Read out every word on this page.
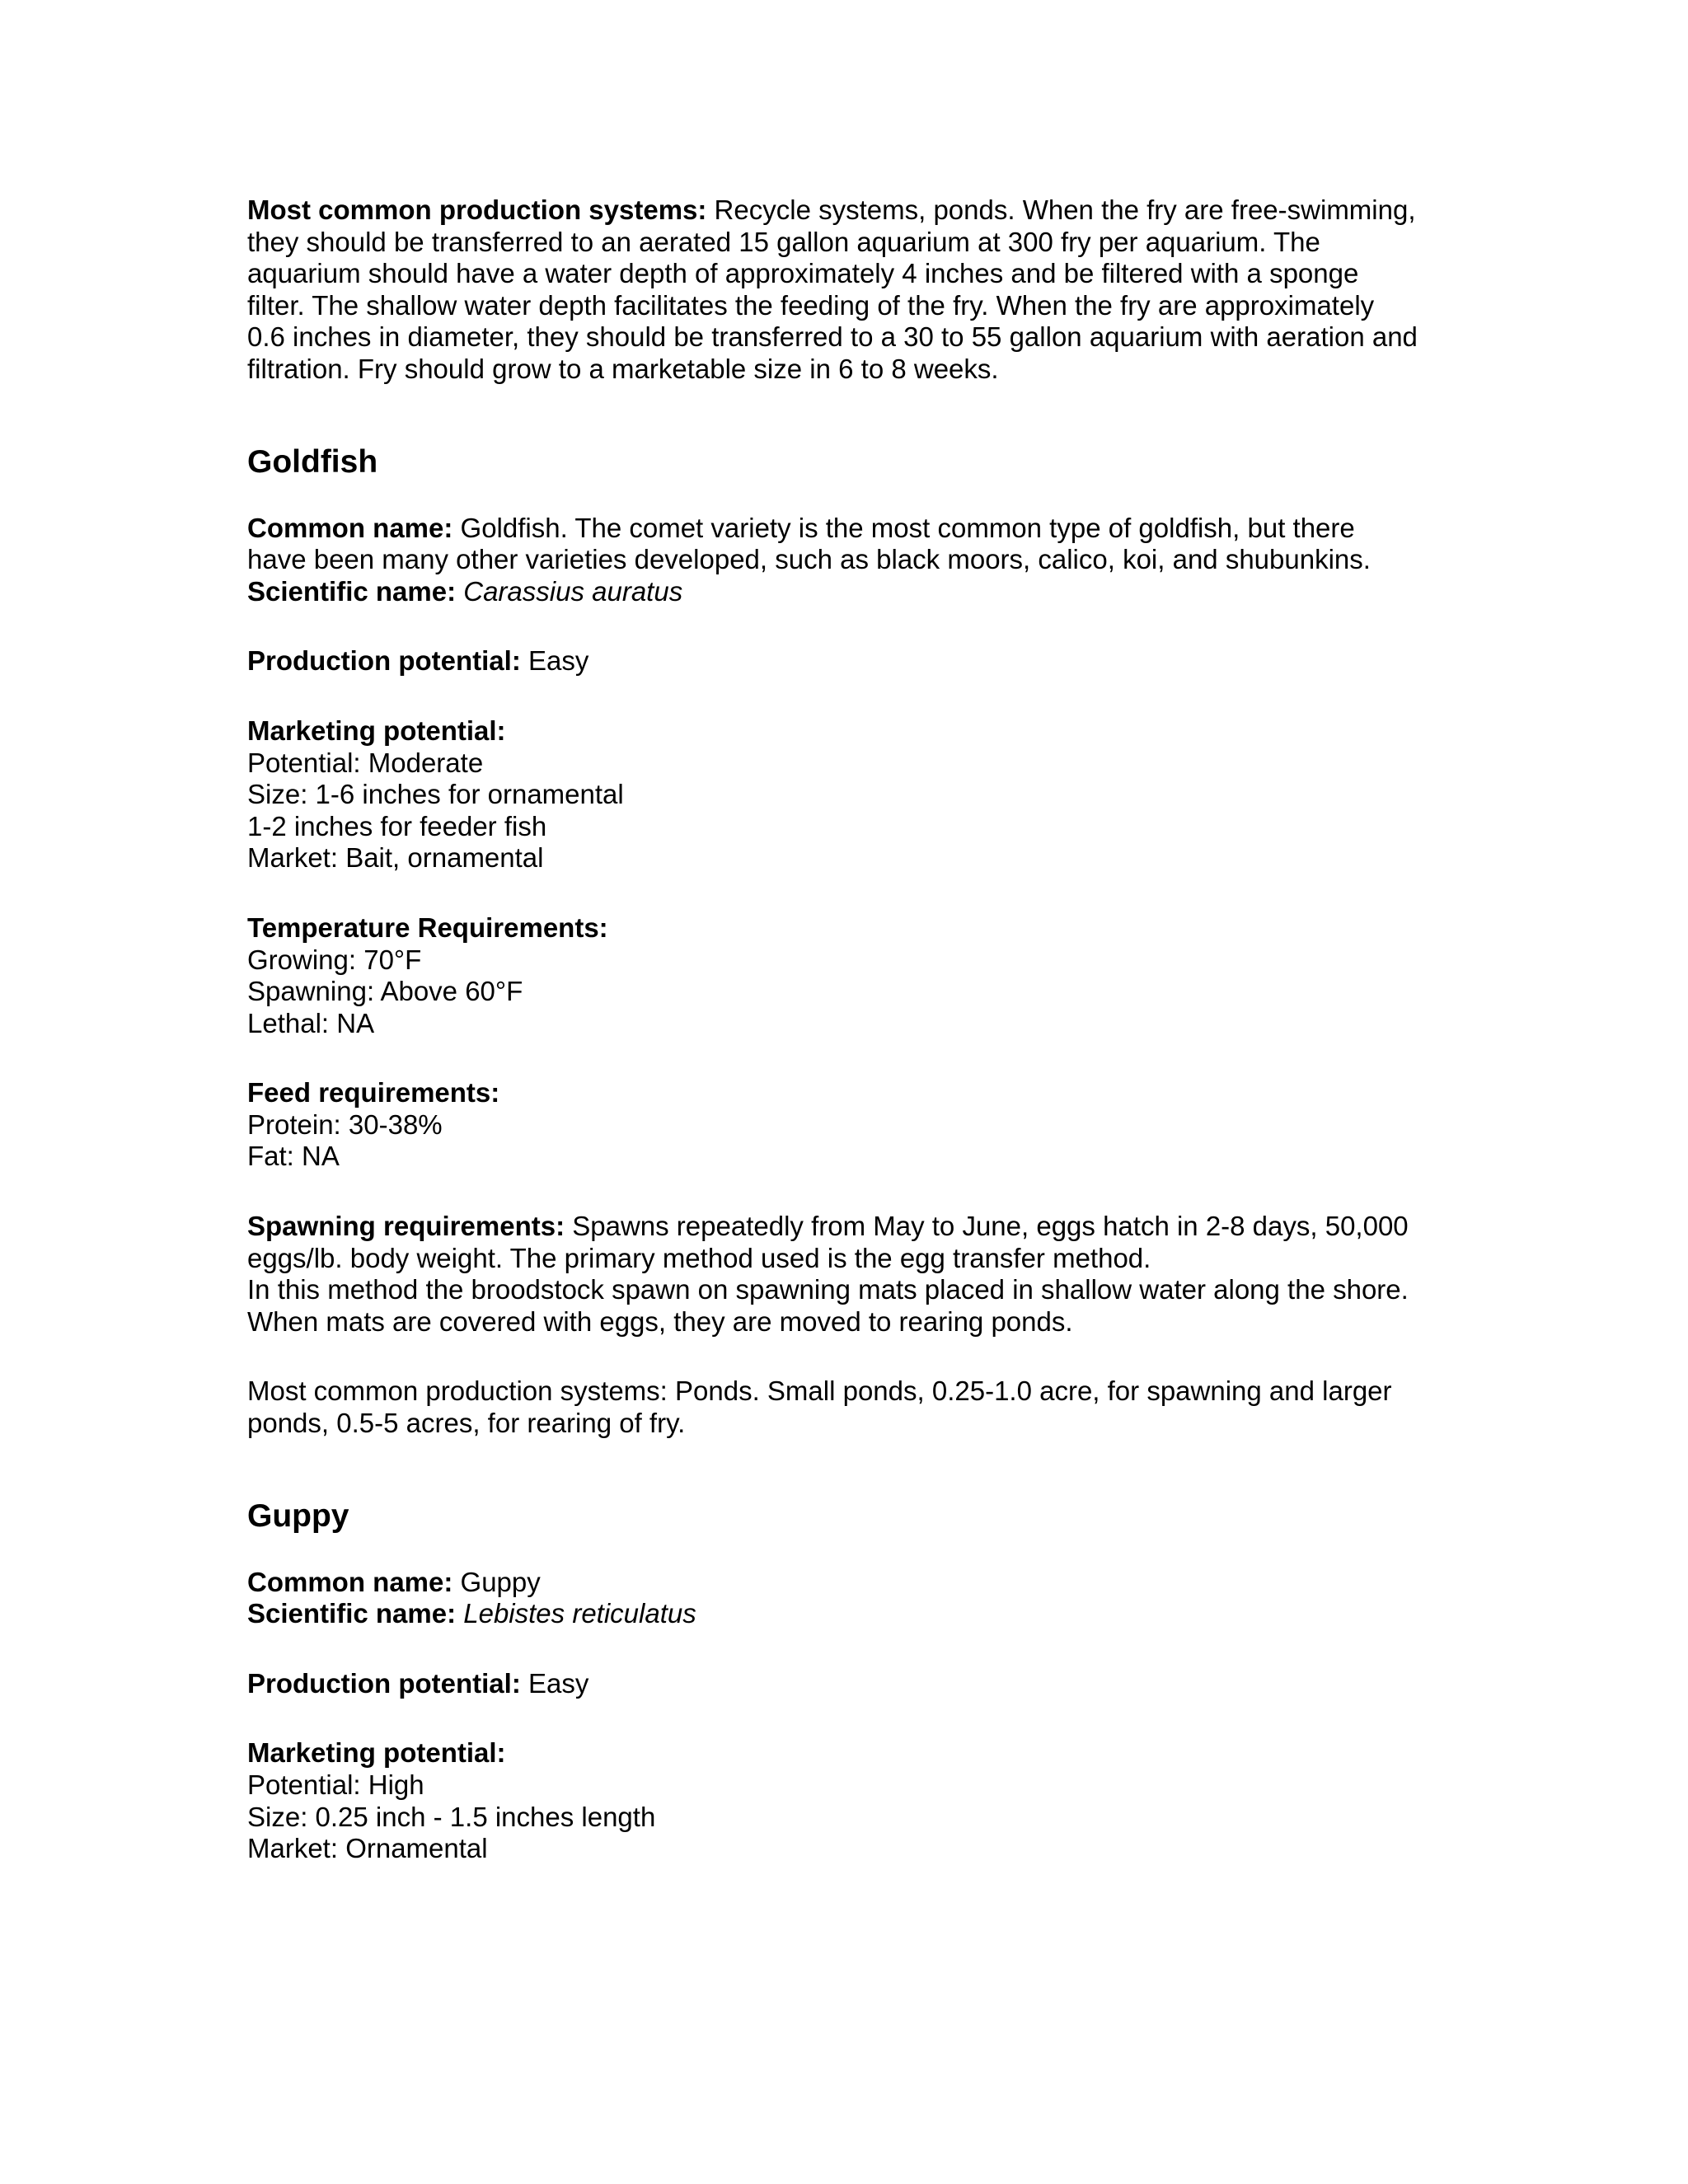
Most common production systems: Recycle systems, ponds. When the fry are free-swimming,
they should be transferred to an aerated 15 gallon aquarium at 300 fry per aquarium. The
aquarium should have a water depth of approximately 4 inches and be filtered with a sponge
filter. The shallow water depth facilitates the feeding of the fry. When the fry are approximately
0.6 inches in diameter, they should be transferred to a 30 to 55 gallon aquarium with aeration and
filtration. Fry should grow to a marketable size in 6 to 8 weeks.

Goldfish

Common name: Goldfish. The comet variety is the most common type of goldfish, but there
have been many other varieties developed, such as black moors, calico, koi, and shubunkins.
Scientific name: Carassius auratus

Production potential: Easy

Marketing potential:
Potential: Moderate
Size: 1-6 inches for ornamental
1-2 inches for feeder fish
Market: Bait, ornamental

Temperature Requirements:
Growing: 70°F
Spawning: Above 60°F
Lethal: NA

Feed requirements:
Protein: 30-38%
Fat: NA

Spawning requirements: Spawns repeatedly from May to June, eggs hatch in 2-8 days, 50,000
eggs/lb. body weight. The primary method used is the egg transfer method.
In this method the broodstock spawn on spawning mats placed in shallow water along the shore.
When mats are covered with eggs, they are moved to rearing ponds.

Most common production systems: Ponds. Small ponds, 0.25-1.0 acre, for spawning and larger
ponds, 0.5-5 acres, for rearing of fry.

Guppy

Common name: Guppy
Scientific name: Lebistes reticulatus

Production potential: Easy

Marketing potential:
Potential: High
Size: 0.25 inch - 1.5 inches length
Market: Ornamental
